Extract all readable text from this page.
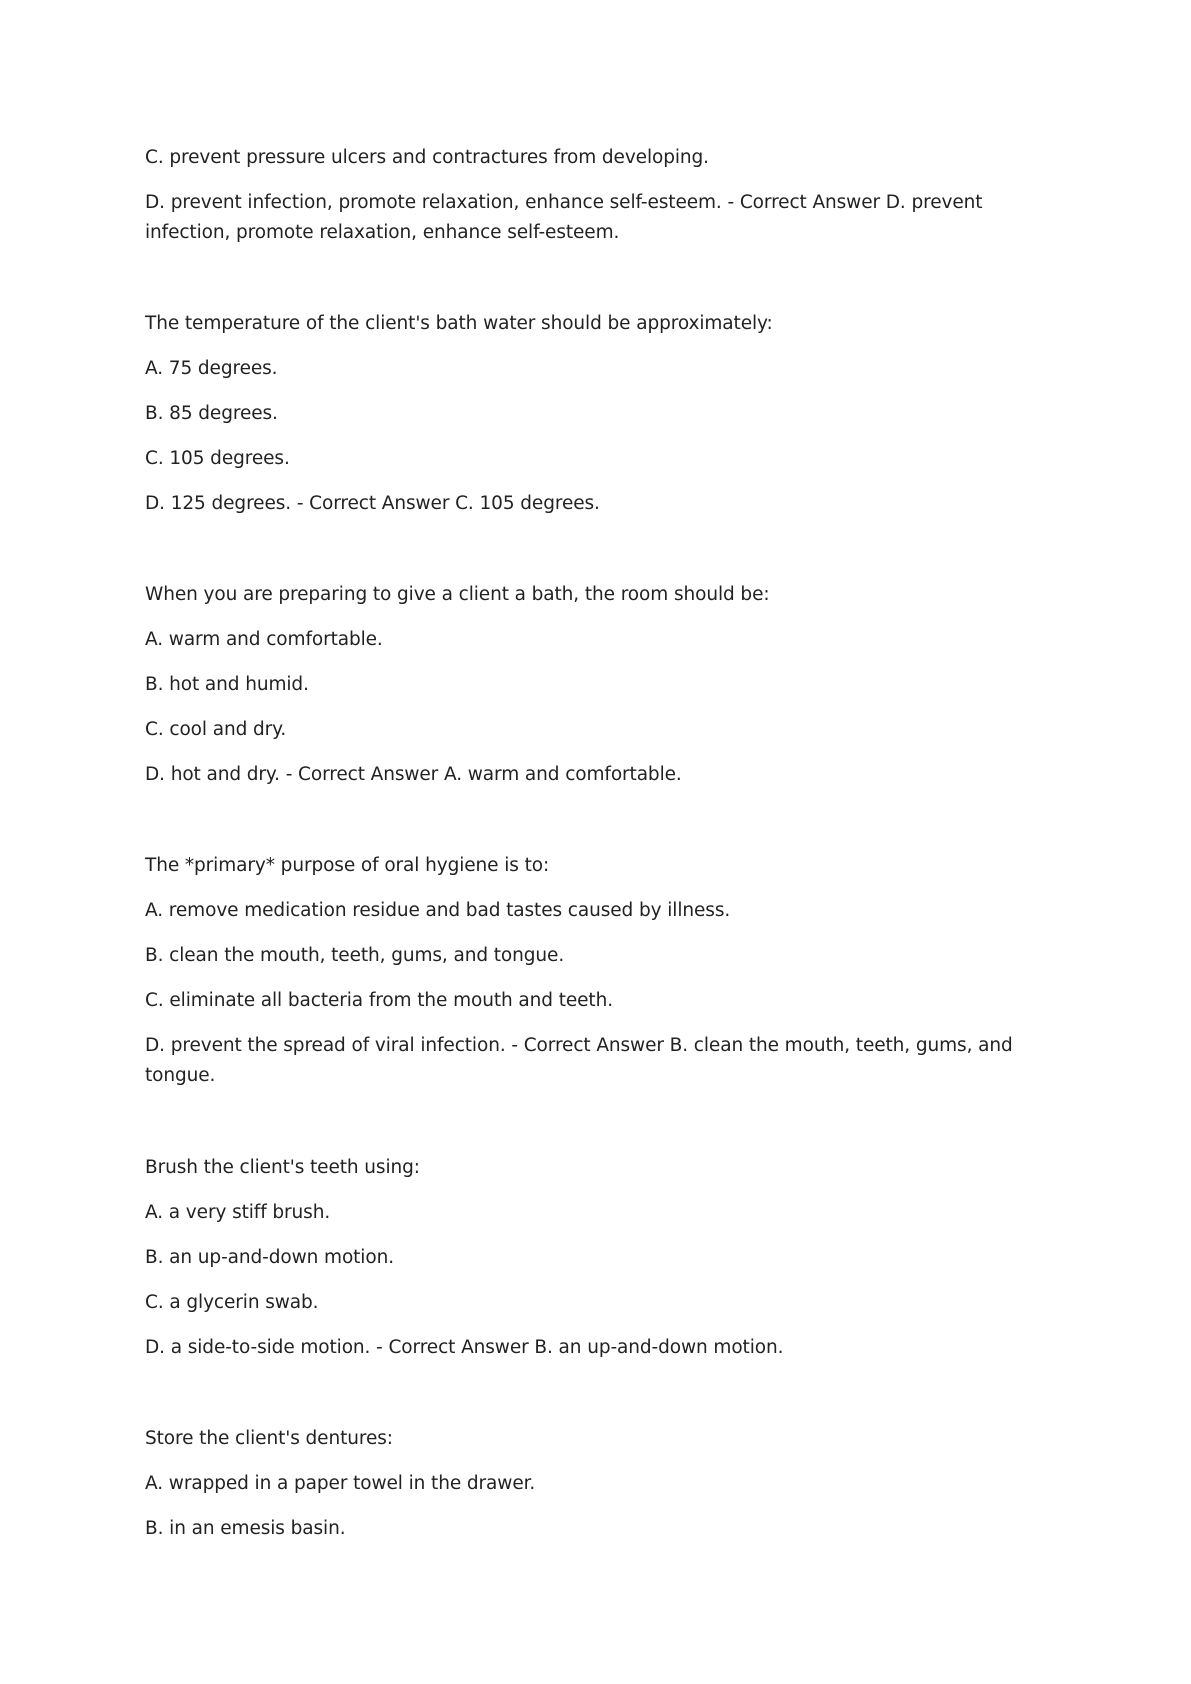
C. prevent pressure ulcers and contractures from developing.
D. prevent infection, promote relaxation, enhance self-esteem. - Correct Answer D. prevent infection, promote relaxation, enhance self-esteem.
The temperature of the client's bath water should be approximately:
A. 75 degrees.
B. 85 degrees.
C. 105 degrees.
D. 125 degrees. - Correct Answer C. 105 degrees.
When you are preparing to give a client a bath, the room should be:
A. warm and comfortable.
B. hot and humid.
C. cool and dry.
D. hot and dry. - Correct Answer A. warm and comfortable.
The *primary* purpose of oral hygiene is to:
A. remove medication residue and bad tastes caused by illness.
B. clean the mouth, teeth, gums, and tongue.
C. eliminate all bacteria from the mouth and teeth.
D. prevent the spread of viral infection. - Correct Answer B. clean the mouth, teeth, gums, and tongue.
Brush the client's teeth using:
A. a very stiff brush.
B. an up-and-down motion.
C. a glycerin swab.
D. a side-to-side motion. - Correct Answer B. an up-and-down motion.
Store the client's dentures:
A. wrapped in a paper towel in the drawer.
B. in an emesis basin.
